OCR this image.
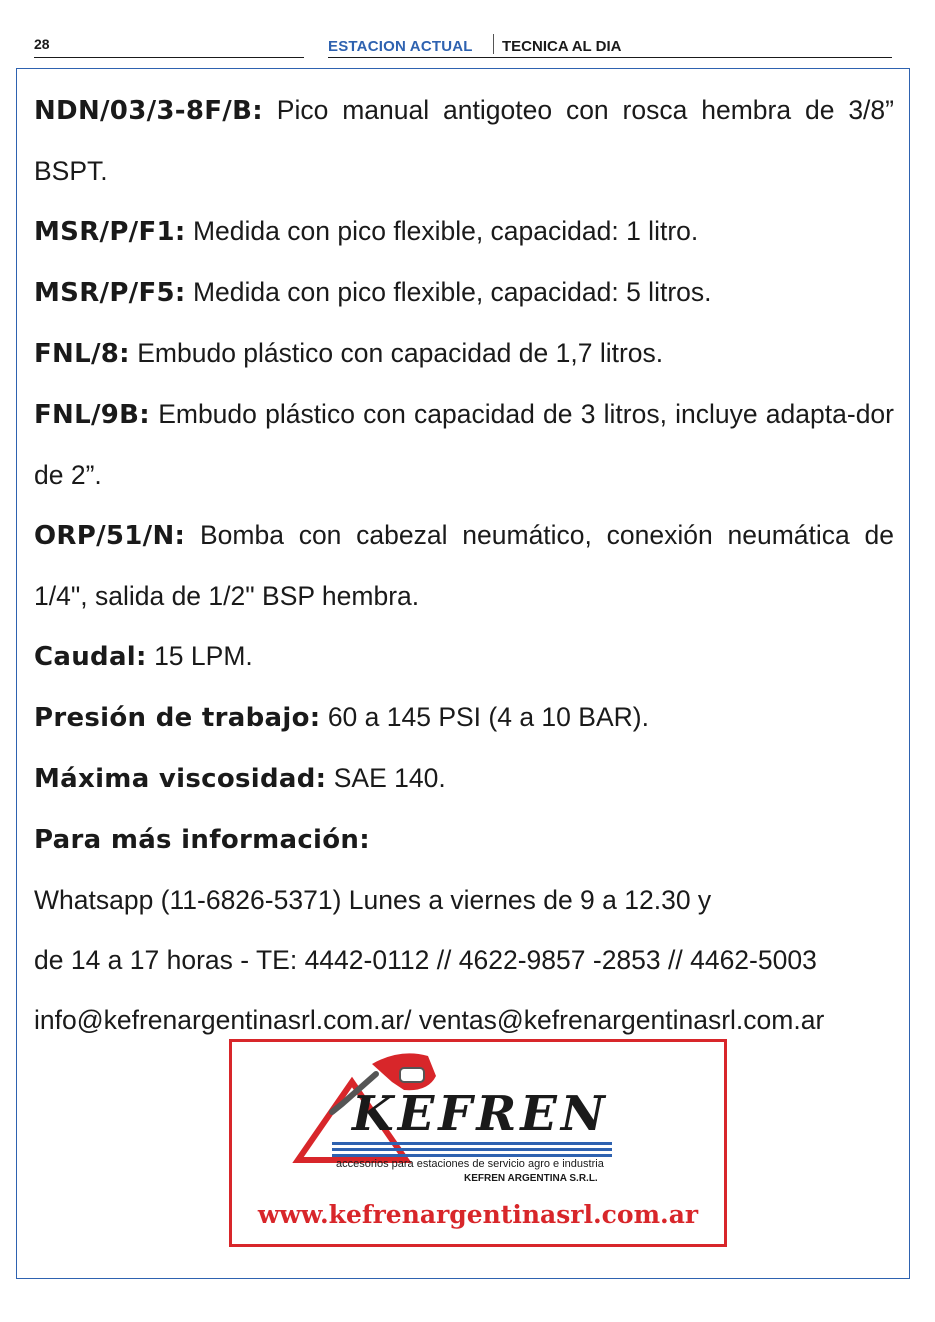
28	ESTACION ACTUAL TECNICA AL DIA

NDN/03/3-8F/B: Pico manual antigoteo con rosca hembra de 3/8” BSPT.

MSR/P/F1: Medida con pico flexible, capacidad: 1 litro.

MSR/P/F5: Medida con pico flexible, capacidad: 5 litros.

FNL/8: Embudo plástico con capacidad de 1,7 litros.

FNL/9B: Embudo plástico con capacidad de 3 litros, incluye adapta-dor de 2”.

ORP/51/N: Bomba con cabezal neumático, conexión neumática de 1/4", salida de 1/2" BSP hembra.

Caudal: 15 LPM.

Presión de trabajo: 60 a 145 PSI (4 a 10 BAR).

Máxima viscosidad: SAE 140.

Para más información:

Whatsapp (11-6826-5371) Lunes a viernes de 9 a 12.30 y

de 14 a 17 horas - TE: 4442-0112 // 4622-9857 -2853 // 4462-5003

info@kefrenargentinasrl.com.ar/ ventas@kefrenargentinasrl.com.ar

KEFREN
accesorios para estaciones de servicio agro e industria
KEFREN ARGENTINA S.R.L.
www.kefrenargentinasrl.com.ar
